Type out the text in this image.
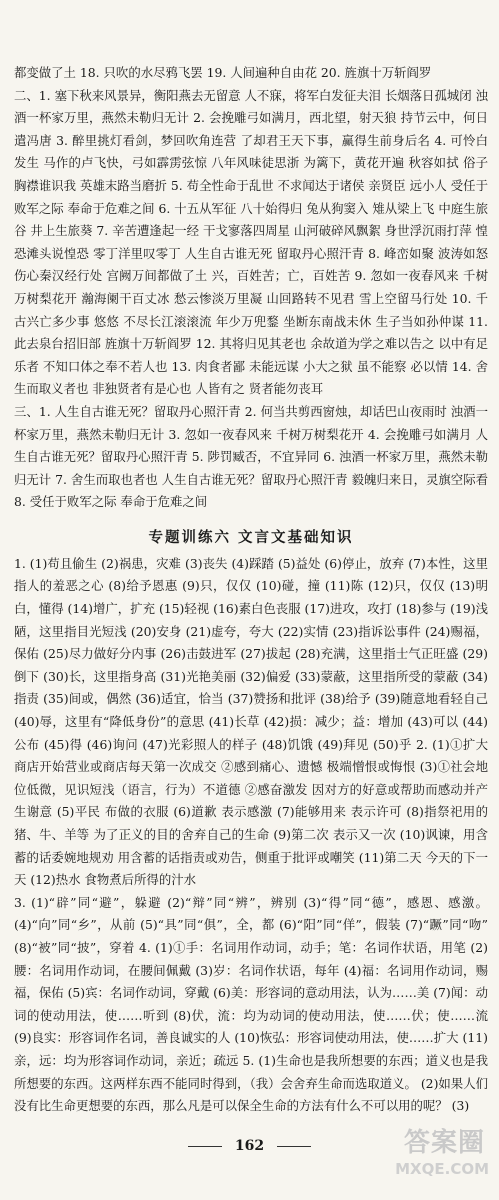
都变做了土 18. 只吹的水尽鸦飞罢 19. 人间遍种自由花 20. 旌旗十万斩阎罗

二、1. 塞下秋来风景异，衡阳燕去无留意 人不寐，将军白发征夫泪 长烟落日孤城闭 浊酒一杯家万里，燕然未勒归无计 2. 会挽雕弓如满月，西北望，射天狼 持节云中，何日遣冯唐 3. 醉里挑灯看剑，梦回吹角连营 了却君王天下事，赢得生前身后名 4. 可怜白发生 马作的卢飞快，弓如霹雳弦惊 八年风味徒思浙 为篱下，黄花开遍 秋容如拭 俗子胸襟谁识我 英雄末路当磨折 5. 苟全性命于乱世 不求闻达于诸侯 亲贤臣 远小人 受任于败军之际 奉命于危难之间 6. 十五从军征 八十始得归 兔从狗窦入 雉从梁上飞 中庭生旅谷 井上生旅葵 7. 辛苦遭逢起一经 干戈寥落四周星 山河破碎风飘絮 身世浮沉雨打萍 惶恐滩头说惶恐 零丁洋里叹零丁 人生自古谁无死 留取丹心照汗青 8. 峰峦如聚 波涛如怒 伤心秦汉经行处 宫阙万间都做了土 兴，百姓苦；亡，百姓苦 9. 忽如一夜春风来 千树万树梨花开 瀚海阑干百丈冰 愁云惨淡万里凝 山回路转不见君 雪上空留马行处 10. 千古兴亡多少事 悠悠 不尽长江滚滚流 年少万兜鍪 坐断东南战未休 生子当如孙仲谋 11. 此去泉台招旧部 旌旗十万斩阎罗 12. 其将归见其老也 余故道为学之难以告之 以中有足乐者 不知口体之奉不若人也 13. 肉食者鄙 未能远谋 小大之狱 虽不能察 必以情 14. 舍生而取义者也 非独贤者有是心也 人皆有之 贤者能勿丧耳

三、1. 人生自古谁无死？留取丹心照汗青 2. 何当共剪西窗烛，却话巴山夜雨时 浊酒一杯家万里，燕然未勒归无计 3. 忽如一夜春风来 千树万树梨花开 4. 会挽雕弓如满月 人生自古谁无死？留取丹心照汗青 5. 陟罚臧否，不宜异同 6. 浊酒一杯家万里，燕然未勒归无计 7. 舍生而取也者也 人生自古谁无死？留取丹心照汗青 毅魄归来日，灵旗空际看 8. 受任于败军之际 奉命于危难之间

专题训练六 文言文基础知识

1. (1)苟且偷生 (2)祸患，灾难 (3)丧失 (4)踩踏 (5)益处 (6)停止，放弃 (7)本性，这里指人的羞恶之心 (8)给予恩惠 (9)只，仅仅 (10)碰，撞 (11)陈 (12)只，仅仅 (13)明白，懂得 (14)增广，扩充 (15)轻视 (16)素白色丧服 (17)进攻，攻打 (18)参与 (19)浅陋，这里指目光短浅 (20)安身 (21)虚夸，夸大 (22)实情 (23)指诉讼事件 (24)赐福，保佑 (25)尽力做好分内事 (26)击鼓进军 (27)拔起 (28)充满，这里指士气正旺盛 (29)倒下 (30)长，这里指身高 (31)光艳美丽 (32)偏爱 (33)蒙蔽，这里指所受的蒙蔽 (34)指责 (35)间或，偶然 (36)适宜，恰当 (37)赞扬和批评 (38)给予 (39)随意地看轻自己 (40)辱，这里有“降低身份”的意思 (41)长草 (42)损：减少；益：增加 (43)可以 (44)公布 (45)得 (46)询问 (47)光彩照人的样子 (48)饥饿 (49)拜见 (50)乎 2. (1)①扩大 商店开始营业或商店每天第一次成交 ②感到痛心、遗憾 极端憎恨或悔恨 (3)①社会地位低微，见识短浅（语言，行为）不道德 ②感奋激发 因对方的好意或帮助而感动并产生谢意 (5)平民 布做的衣服 (6)道歉 表示感激 (7)能够用来 表示许可 (8)指祭祀用的猪、牛、羊等 为了正义的目的舍弃自己的生命 (9)第二次 表示又一次 (10)讽谏，用含蓄的话委婉地规劝 用含蓄的话指责或劝告，侧重于批评或嘲笑 (11)第二天 今天的下一天 (12)热水 食物煮后所得的汁水

3. (1)“辟”同“避”，躲避 (2)“辩”同“辨”，辨别 (3)“得”同“德”，感恩、感激。(4)“向”同“乡”，从前 (5)“具”同“俱”，全，都 (6)“阳”同“佯”，假装 (7)“蹶”同“吻” (8)“被”同“披”，穿着 4. (1)①手：名词用作动词，动手；笔：名词作状语，用笔 (2)腰：名词用作动词，在腰间佩戴 (3)岁：名词作状语，每年 (4)福：名词用作动词，赐福，保佑 (5)宾：名词作动词，穿戴 (6)美：形容词的意动用法，认为……美 (7)闻：动词的使动用法，使……听到 (8)伏，流：均为动词的使动用法，使……伏；使……流 (9)良实：形容词作名词，善良诚实的人 (10)恢弘：形容词使动用法，使……扩大 (11)亲，远：均为形容词作动词，亲近；疏远 5. (1)生命也是我所想要的东西；道义也是我所想要的东西。这两样东西不能同时得到，（我）会舍弃生命而选取道义。 (2)如果人们没有比生命更想要的东西，那么凡是可以保全生命的方法有什么不可以用的呢？ (3)

162	答案圈
MXQE.COM
